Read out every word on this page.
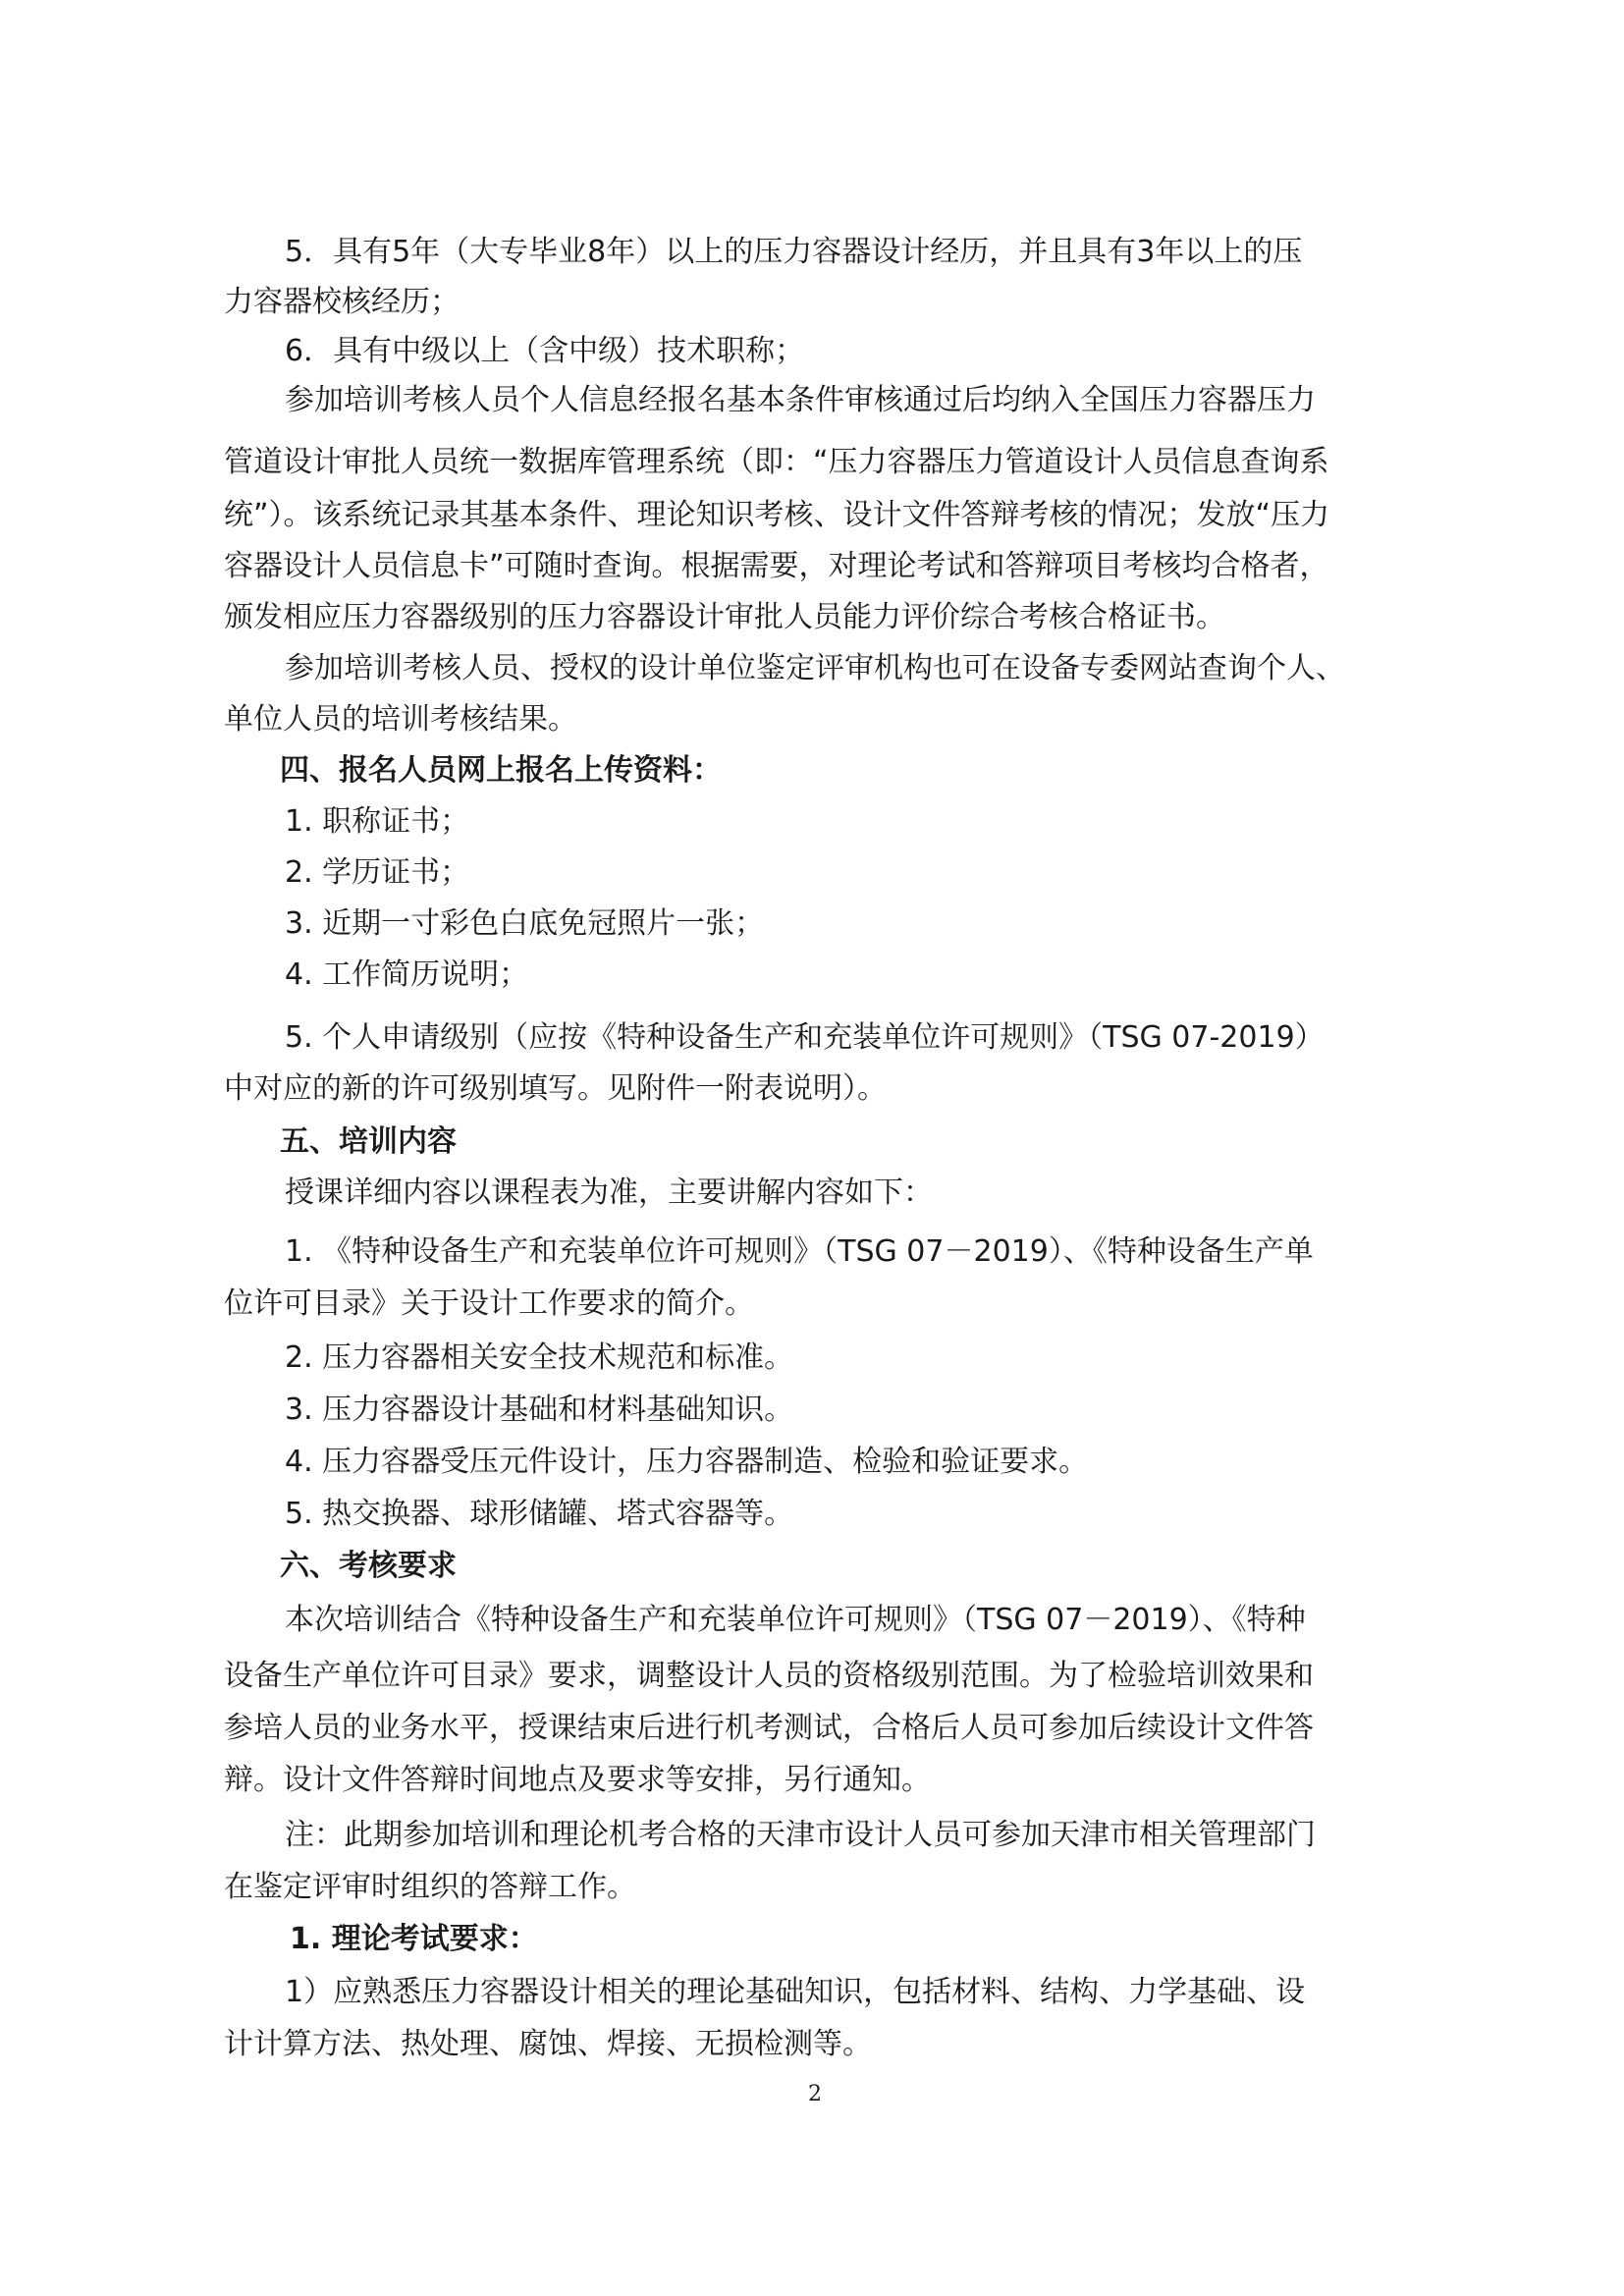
5．具有5年（大专毕业8年）以上的压力容器设计经历，并且具有3年以上的压
力容器校核经历；
6．具有中级以上（含中级）技术职称；
参加培训考核人员个人信息经报名基本条件审核通过后均纳入全国压力容器压力
管道设计审批人员统一数据库管理系统（即：“压力容器压力管道设计人员信息查询系
统”）。该系统记录其基本条件、理论知识考核、设计文件答辩考核的情况；发放“压力
容器设计人员信息卡”可随时查询。根据需要，对理论考试和答辩项目考核均合格者，
颁发相应压力容器级别的压力容器设计审批人员能力评价综合考核合格证书。
参加培训考核人员、授权的设计单位鉴定评审机构也可在设备专委网站查询个人、
单位人员的培训考核结果。
四、报名人员网上报名上传资料：
1. 职称证书；
2. 学历证书；
3. 近期一寸彩色白底免冠照片一张；
4. 工作简历说明；
5. 个人申请级别（应按《特种设备生产和充装单位许可规则》（TSG 07-2019）
中对应的新的许可级别填写。见附件一附表说明）。
五、培训内容
授课详细内容以课程表为准，主要讲解内容如下：
1. 《特种设备生产和充装单位许可规则》（TSG 07－2019）、《特种设备生产单
位许可目录》关于设计工作要求的简介。
2. 压力容器相关安全技术规范和标准。
3. 压力容器设计基础和材料基础知识。
4. 压力容器受压元件设计，压力容器制造、检验和验证要求。
5. 热交换器、球形储罐、塔式容器等。
六、考核要求
本次培训结合《特种设备生产和充装单位许可规则》（TSG 07－2019）、《特种
设备生产单位许可目录》要求，调整设计人员的资格级别范围。为了检验培训效果和
参培人员的业务水平，授课结束后进行机考测试，合格后人员可参加后续设计文件答
辩。设计文件答辩时间地点及要求等安排，另行通知。
注：此期参加培训和理论机考合格的天津市设计人员可参加天津市相关管理部门
在鉴定评审时组织的答辩工作。
1. 理论考试要求：
1）应熟悉压力容器设计相关的理论基础知识，包括材料、结构、力学基础、设
计计算方法、热处理、腐蚀、焊接、无损检测等。
2
